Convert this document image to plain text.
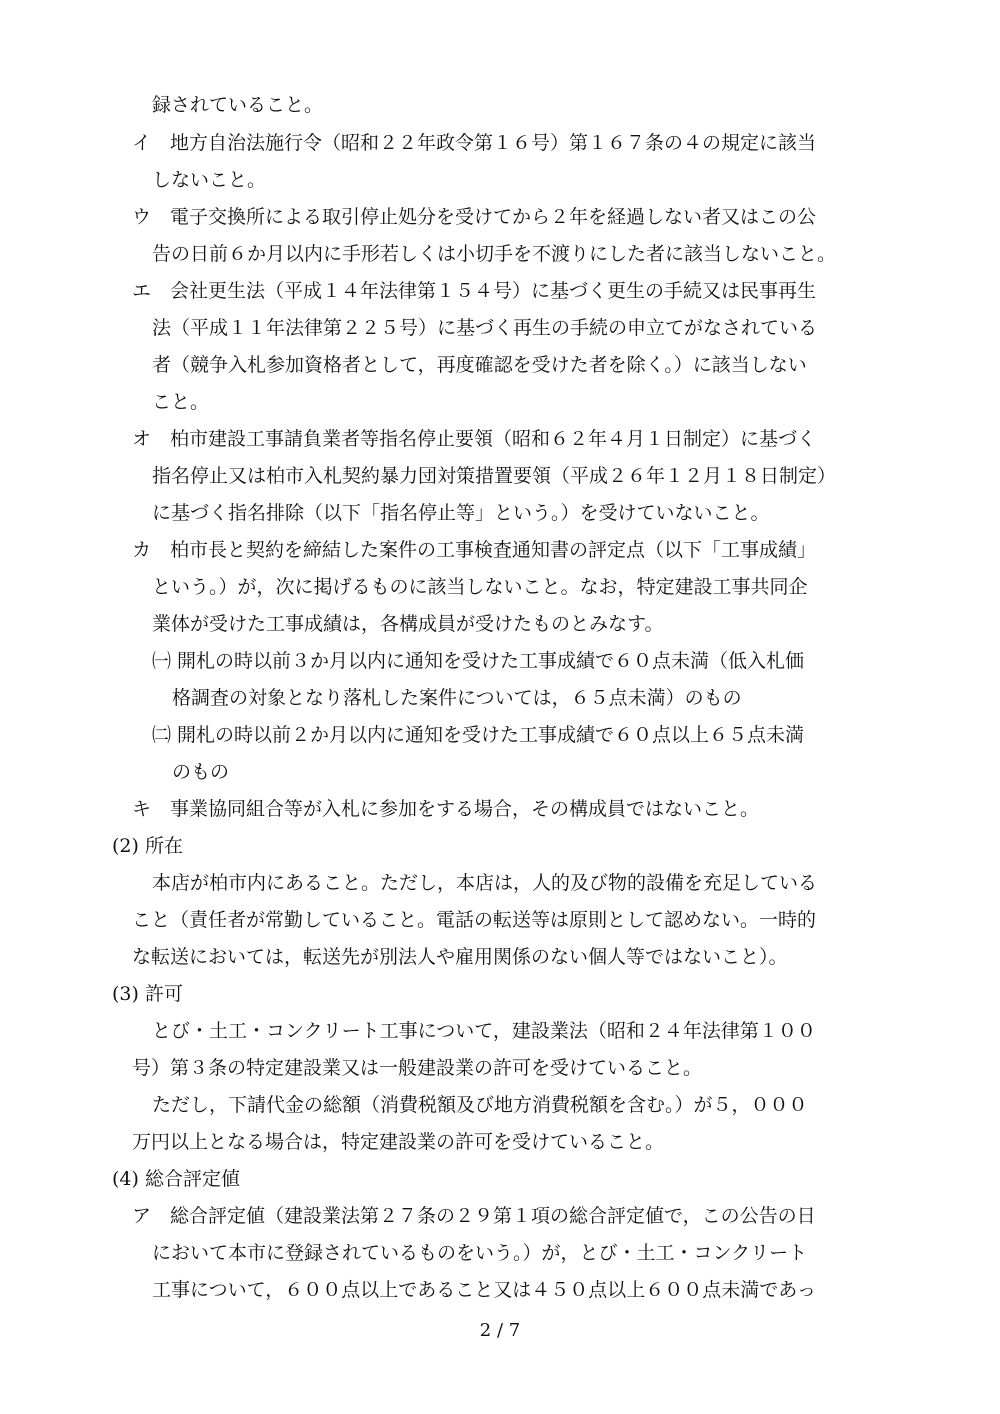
録されていること。
イ　地方自治法施行令（昭和２２年政令第１６号）第１６７条の４の規定に該当
しないこと。
ウ　電子交換所による取引停止処分を受けてから２年を経過しない者又はこの公
告の日前６か月以内に手形若しくは小切手を不渡りにした者に該当しないこと。
エ　会社更生法（平成１４年法律第１５４号）に基づく更生の手続又は民事再生
法（平成１１年法律第２２５号）に基づく再生の手続の申立てがなされている
者（競争入札参加資格者として，再度確認を受けた者を除く。）に該当しない
こと。
オ　柏市建設工事請負業者等指名停止要領（昭和６２年４月１日制定）に基づく
指名停止又は柏市入札契約暴力団対策措置要領（平成２６年１２月１８日制定）
に基づく指名排除（以下「指名停止等」という。）を受けていないこと。
カ　柏市長と契約を締結した案件の工事検査通知書の評定点（以下「工事成績」
という。）が，次に掲げるものに該当しないこと。なお，特定建設工事共同企
業体が受けた工事成績は，各構成員が受けたものとみなす。
㈠ 開札の時以前３か月以内に通知を受けた工事成績で６０点未満（低入札価
格調査の対象となり落札した案件については，６５点未満）のもの
㈡ 開札の時以前２か月以内に通知を受けた工事成績で６０点以上６５点未満
のもの
キ　事業協同組合等が入札に参加をする場合，その構成員ではないこと。
(2) 所在
本店が柏市内にあること。ただし，本店は，人的及び物的設備を充足している
こと（責任者が常勤していること。電話の転送等は原則として認めない。一時的
な転送においては，転送先が別法人や雇用関係のない個人等ではないこと）。
(3) 許可
とび・土工・コンクリート工事について，建設業法（昭和２４年法律第１００
号）第３条の特定建設業又は一般建設業の許可を受けていること。
ただし，下請代金の総額（消費税額及び地方消費税額を含む。）が５，０００
万円以上となる場合は，特定建設業の許可を受けていること。
(4) 総合評定値
ア　総合評定値（建設業法第２７条の２９第１項の総合評定値で，この公告の日
において本市に登録されているものをいう。）が，とび・土工・コンクリート
工事について，６００点以上であること又は４５０点以上６００点未満であっ
2 / 7
